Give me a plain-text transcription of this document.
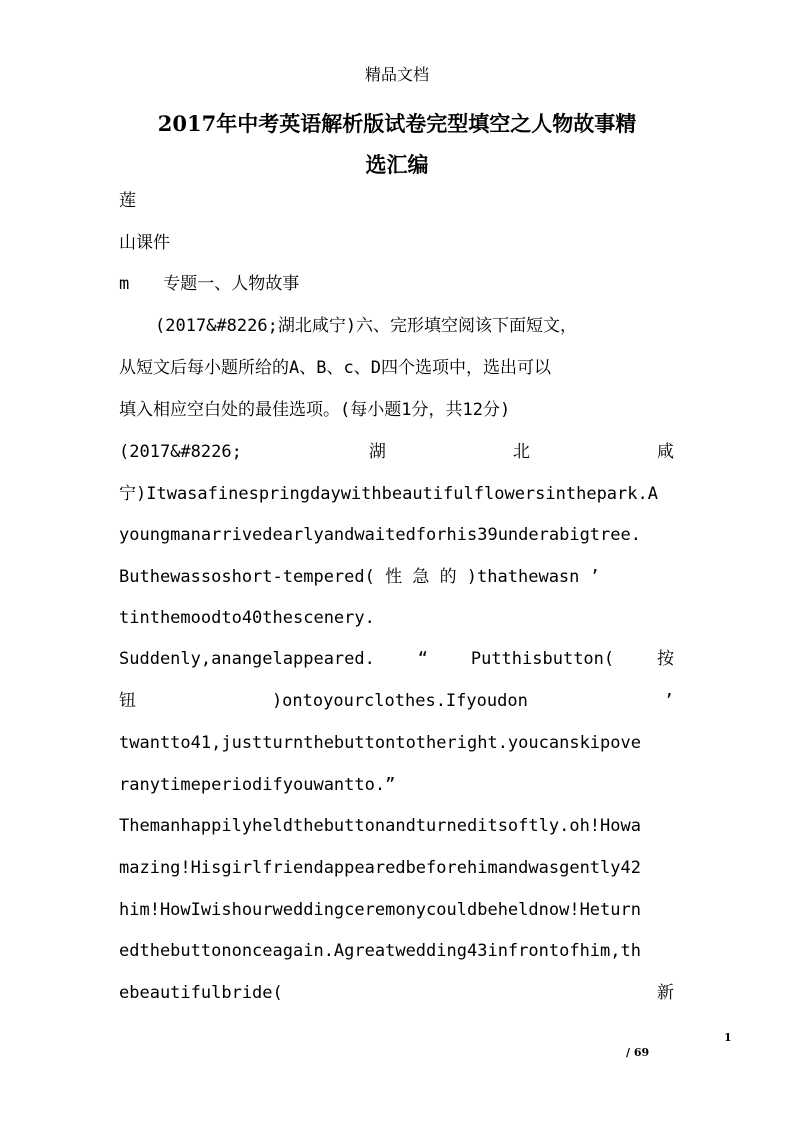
精品文档
2017年中考英语解析版试卷完型填空之人物故事精
选汇编
莲
山课件
m　　专题一、人物故事
(2017&#8226;湖北咸宁)六、完形填空阅该下面短文，
从短文后每小题所给的A、B、c、D四个选项中，选出可以
填入相应空白处的最佳选项。(每小题1分，共12分)
(2017&#8226;	湖	北	咸
宁)Itwasafinespringdaywithbeautifulflowersinthepark.A
youngmanarrivedearlyandwaitedforhis39underabigtree.
Buthewassoshort-tempered( 性 急 的 )thathewasn ’
tinthemoodto40thescenery.
Suddenly,anangelappeared.	“	Putthisbutton(	按
钮	)ontoyourclothes.Ifyoudon	’
twantto41,justturnthebuttontotheright.youcanskipove
ranytimeperiodifyouwantto.”
Themanhappilyheldthebuttonandturneditsoftly.oh!Howa
mazing!Hisgirlfriendappearedbeforehimandwasgently42
him!HowIwishourweddingceremonycouldbeheldnow!Heturn
edthebuttononceagain.Agreatwedding43infrontofhim,th
ebeautifulbride(	新
1
/ 69
